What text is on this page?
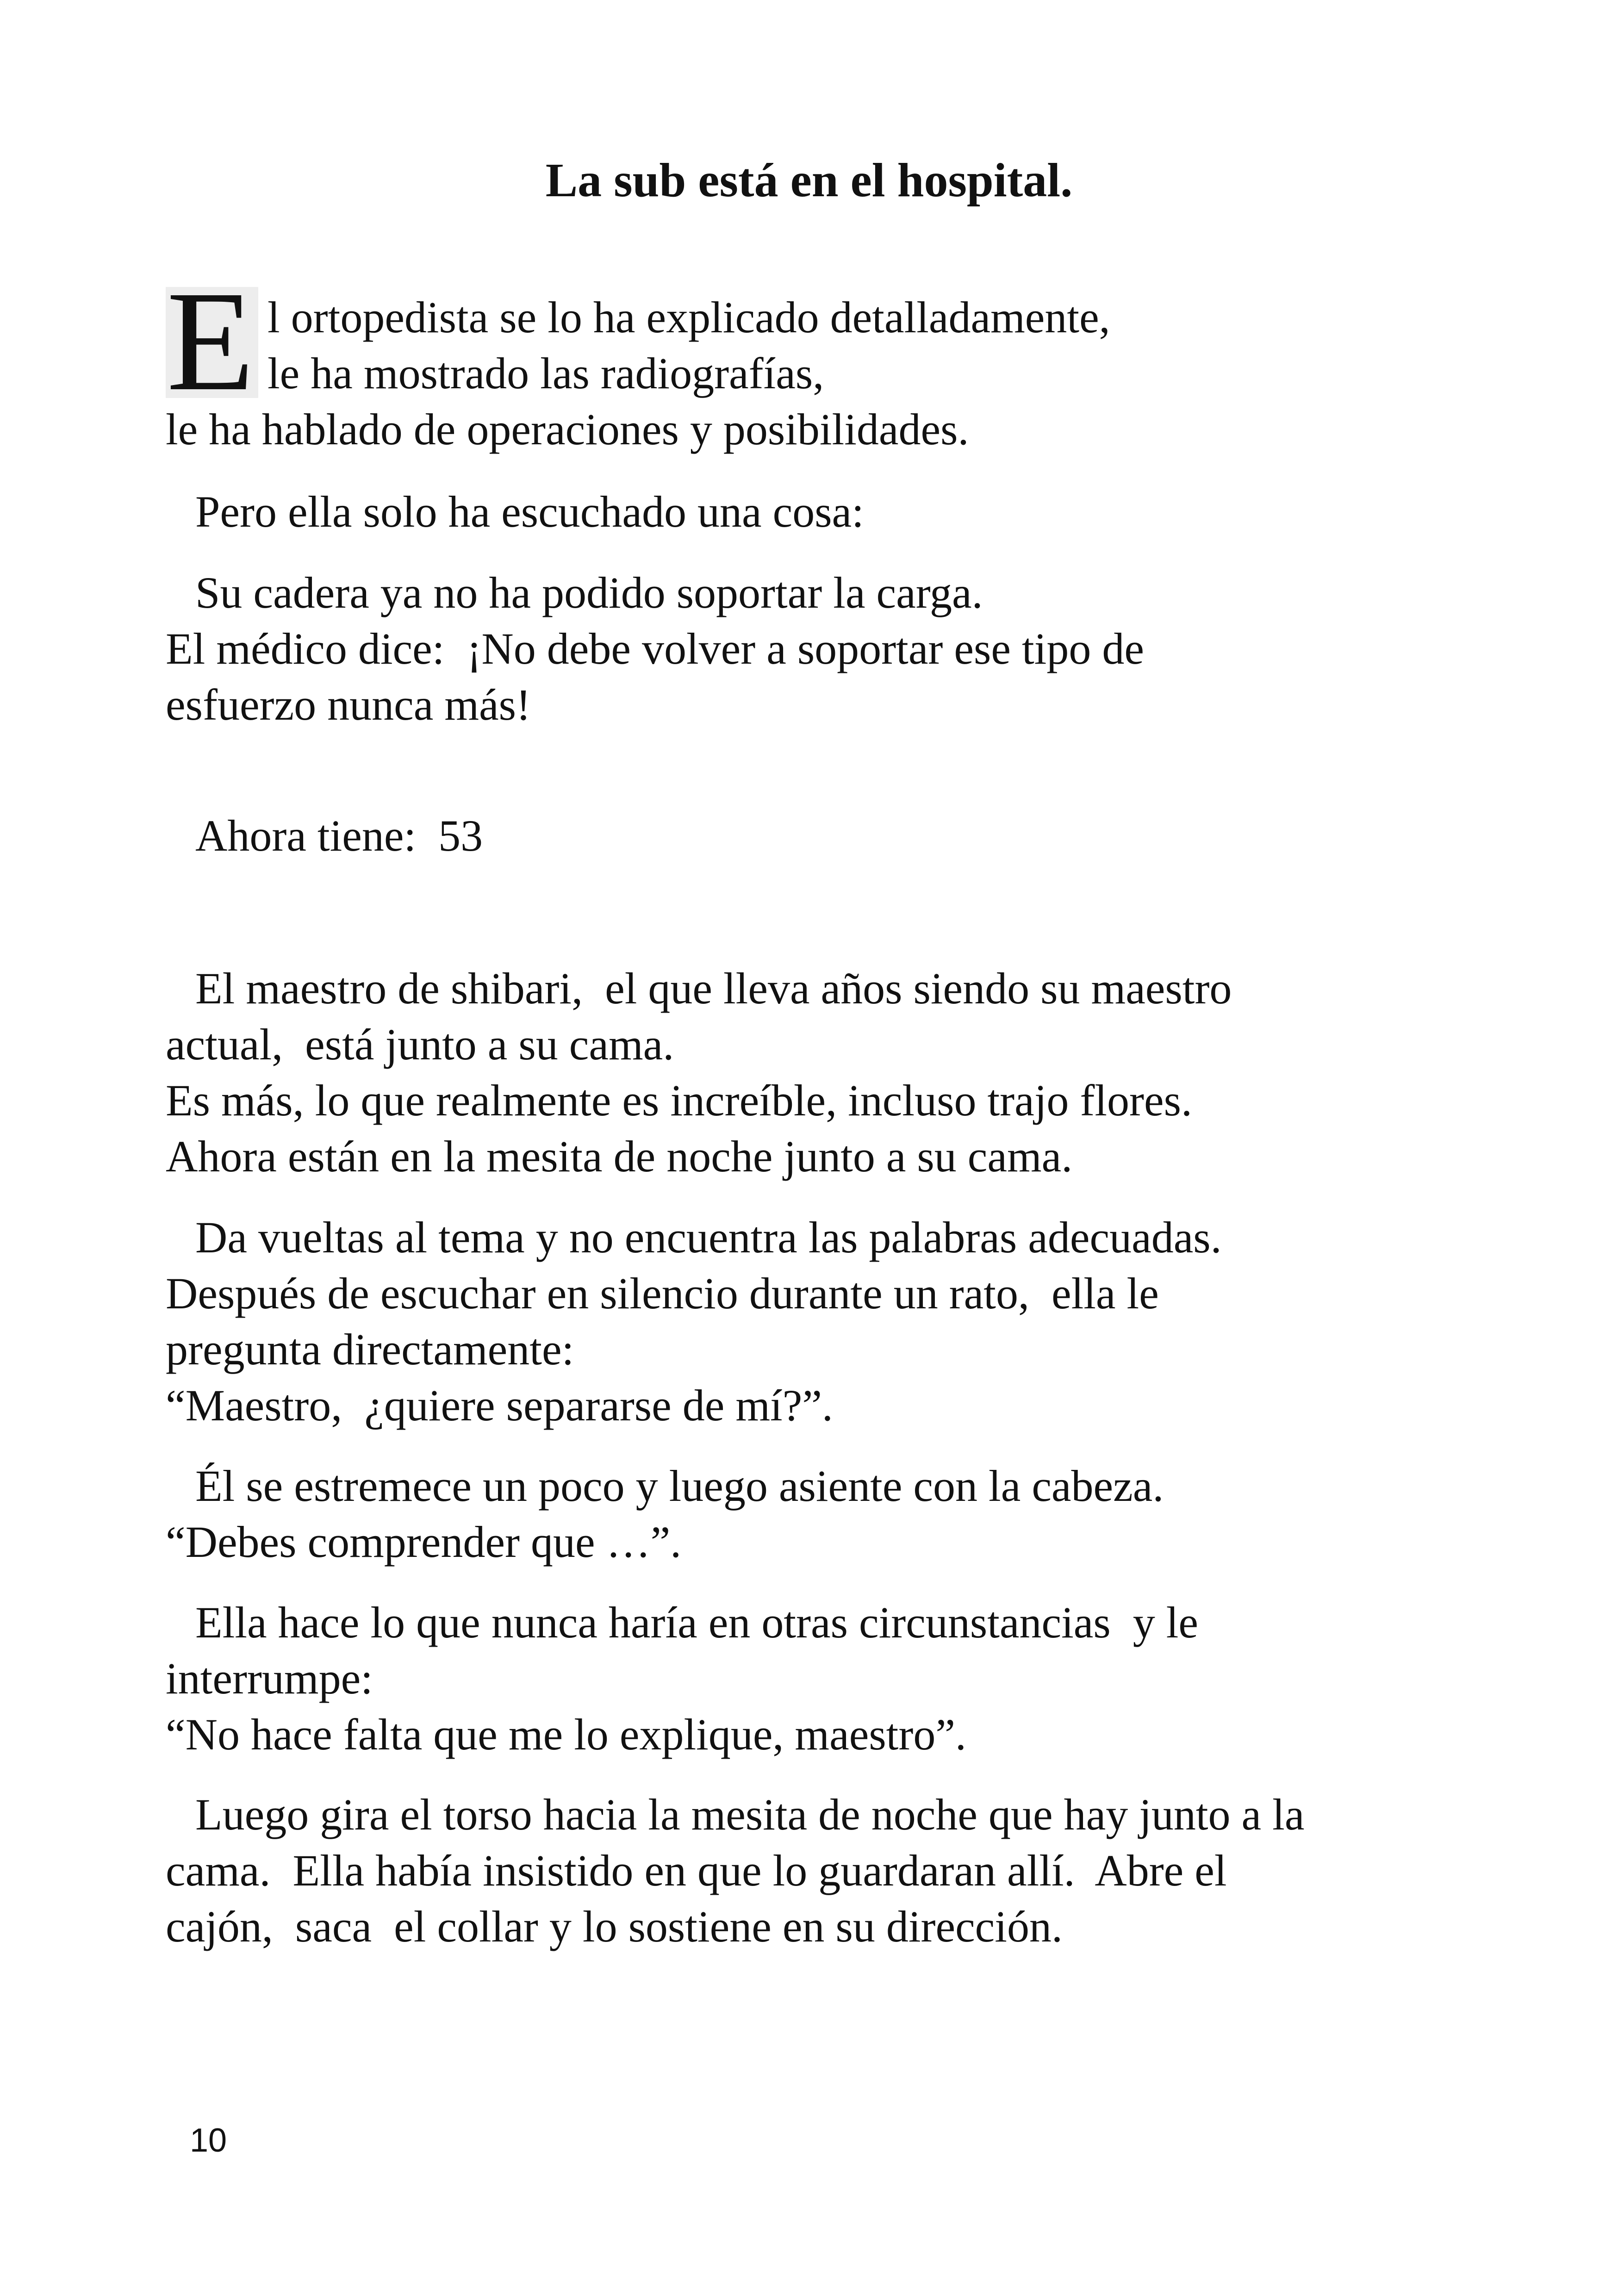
La sub está en el hospital.
E l ortopedista se lo ha explicado detalladamente,
le ha mostrado las radiografías,
le ha hablado de operaciones y posibilidades.
Pero ella solo ha escuchado una cosa:
Su cadera ya no ha podido soportar la carga.
El médico dice:  ¡No debe volver a soportar ese tipo de
esfuerzo nunca más!
Ahora tiene:  53
El maestro de shibari,  el que lleva años siendo su maestro
actual,  está junto a su cama.
Es más, lo que realmente es increíble, incluso trajo flores.
Ahora están en la mesita de noche junto a su cama.
Da vueltas al tema y no encuentra las palabras adecuadas.
Después de escuchar en silencio durante un rato,  ella le
pregunta directamente:
“Maestro,  ¿quiere separarse de mí?”.
Él se estremece un poco y luego asiente con la cabeza.
“Debes comprender que …”.
Ella hace lo que nunca haría en otras circunstancias  y le
interrumpe:
“No hace falta que me lo explique, maestro”.
Luego gira el torso hacia la mesita de noche que hay junto a la
cama.  Ella había insistido en que lo guardaran allí.  Abre el
cajón,  saca  el collar y lo sostiene en su dirección.
10
